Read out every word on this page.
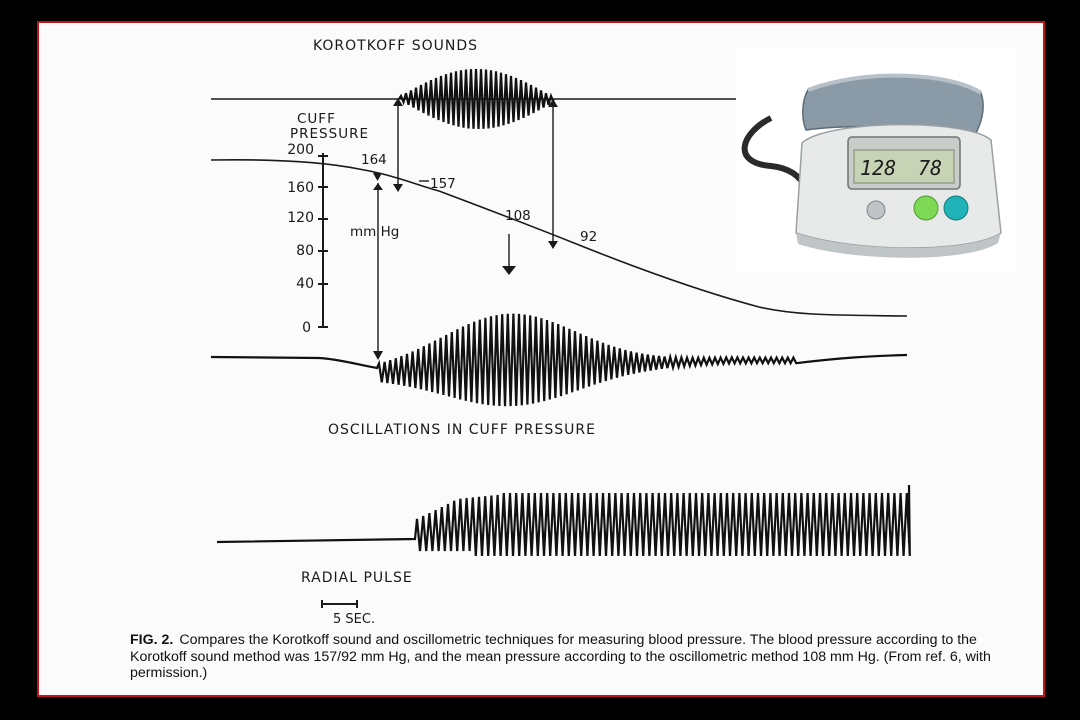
KOROTKOFF SOUNDS
CUFF
PRESSURE
200
160
120
80
40
0
mm Hg
164
157
108
92
OSCILLATIONS IN CUFF PRESSURE
RADIAL PULSE
5 SEC.
FIG. 2. Compares the Korotkoff sound and oscillometric techniques for measuring blood pressure. The blood pressure according to the Korotkoff sound method was 157/92 mm Hg, and the mean pressure according to the oscillometric method 108 mm Hg. (From ref. 6, with permission.)
128 78
